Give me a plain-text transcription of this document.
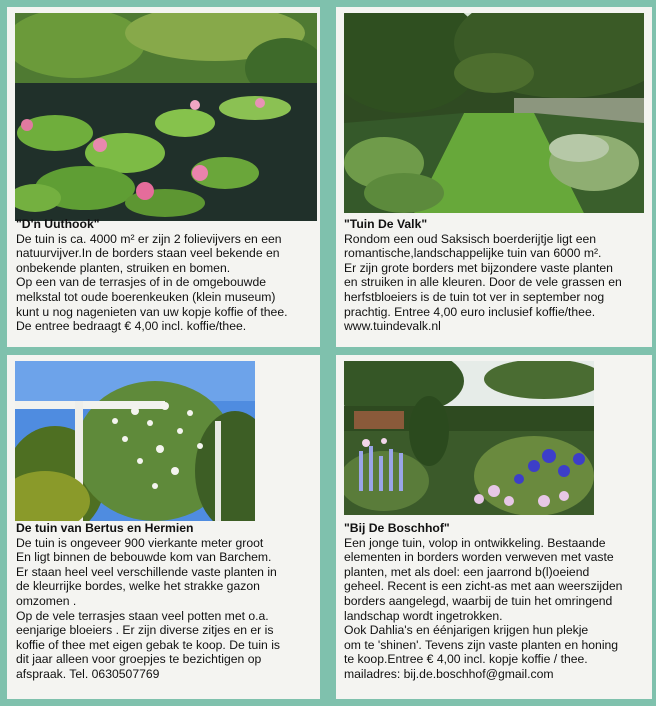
"D'n Uuthook"
De tuin is ca. 4000 m² er zijn 2 folievijvers en een
natuurvijver.In de borders staan veel bekende en
onbekende planten, struiken en bomen.
Op een van de terrasjes of in de omgebouwde
melkstal tot oude boerenkeuken (klein museum)
kunt u nog nagenieten van uw kopje koffie of thee.
De entree bedraagt € 4,00 incl. koffie/thee.
"Tuin De Valk"
Rondom een oud Saksisch boerderijtje ligt een
romantische,landschappelijke tuin van 6000 m².
Er zijn grote borders met bijzondere vaste planten
en struiken in alle kleuren. Door de vele grassen en
herfstbloeiers is de tuin tot ver in september nog
prachtig. Entree 4,00 euro inclusief koffie/thee.
www.tuindevalk.nl
De tuin van Bertus en Hermien
De tuin is ongeveer 900 vierkante meter groot
En ligt binnen de bebouwde kom van Barchem.
Er staan heel veel verschillende vaste planten in
de kleurrijke bordes, welke het strakke gazon
omzomen .
Op de vele terrasjes staan veel potten met o.a.
eenjarige bloeiers . Er zijn diverse zitjes en er is
koffie of thee met eigen gebak te koop. De tuin is
dit jaar alleen voor groepjes te bezichtigen op
afspraak. Tel. 0630507769
"Bij De Boschhof"
Een jonge tuin, volop in ontwikkeling. Bestaande
elementen in borders worden verweven met vaste
planten, met als doel: een jaarrond b(l)oeiend
geheel. Recent is een zicht-as met aan weerszijden
borders aangelegd, waarbij de tuin het omringend
landschap wordt ingetrokken.
Ook Dahlia's en éénjarigen krijgen hun plekje
om te 'shinen'. Tevens zijn vaste planten en honing
te koop.Entree € 4,00 incl. kopje koffie / thee.
mailadres: bij.de.boschhof@gmail.com
